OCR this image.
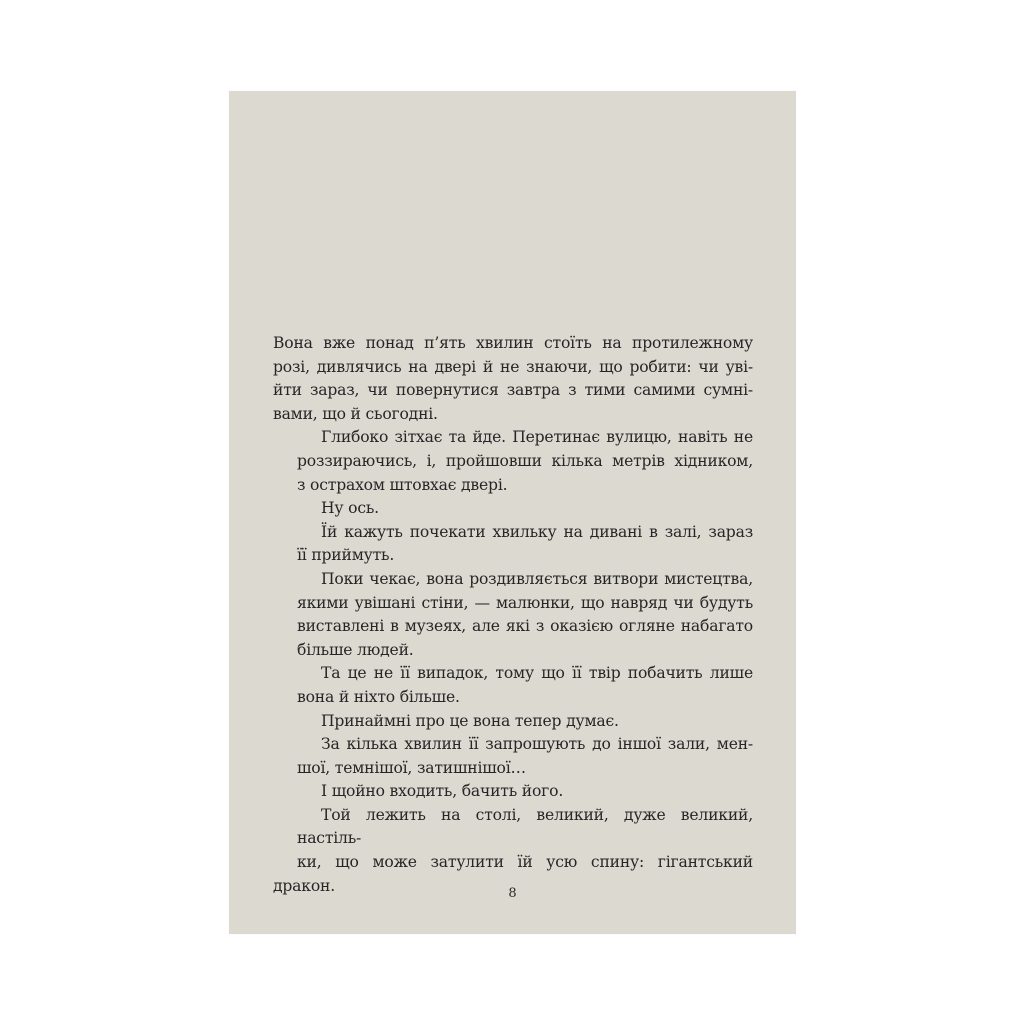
Вона вже понад п’ять хвилин стоїть на протилежному
розі, дивлячись на двері й не знаючи, що робити: чи уві-
йти зараз, чи повернутися завтра з тими самими сумні-
вами, що й сьогодні.

Глибоко зітхає та йде. Перетинає вулицю, навіть не
роззираючись, і, пройшовши кілька метрів хідником,
з острахом штовхає двері.

Ну ось.

Їй кажуть почекати хвильку на дивані в залі, зараз
її приймуть.

Поки чекає, вона роздивляється витвори мистецтва,
якими увішані стіни, — малюнки, що навряд чи будуть
виставлені в музеях, але які з оказією огляне набагато
більше людей.

Та це не її випадок, тому що її твір побачить лише
вона й ніхто більше.

Принаймні про це вона тепер думає.

За кілька хвилин її запрошують до іншої зали, мен-
шої, темнішої, затишнішої…

І щойно входить, бачить його.

Той лежить на столі, великий, дуже великий, настіль-
ки, що може затулити їй усю спину: гігантський дракон.	8
